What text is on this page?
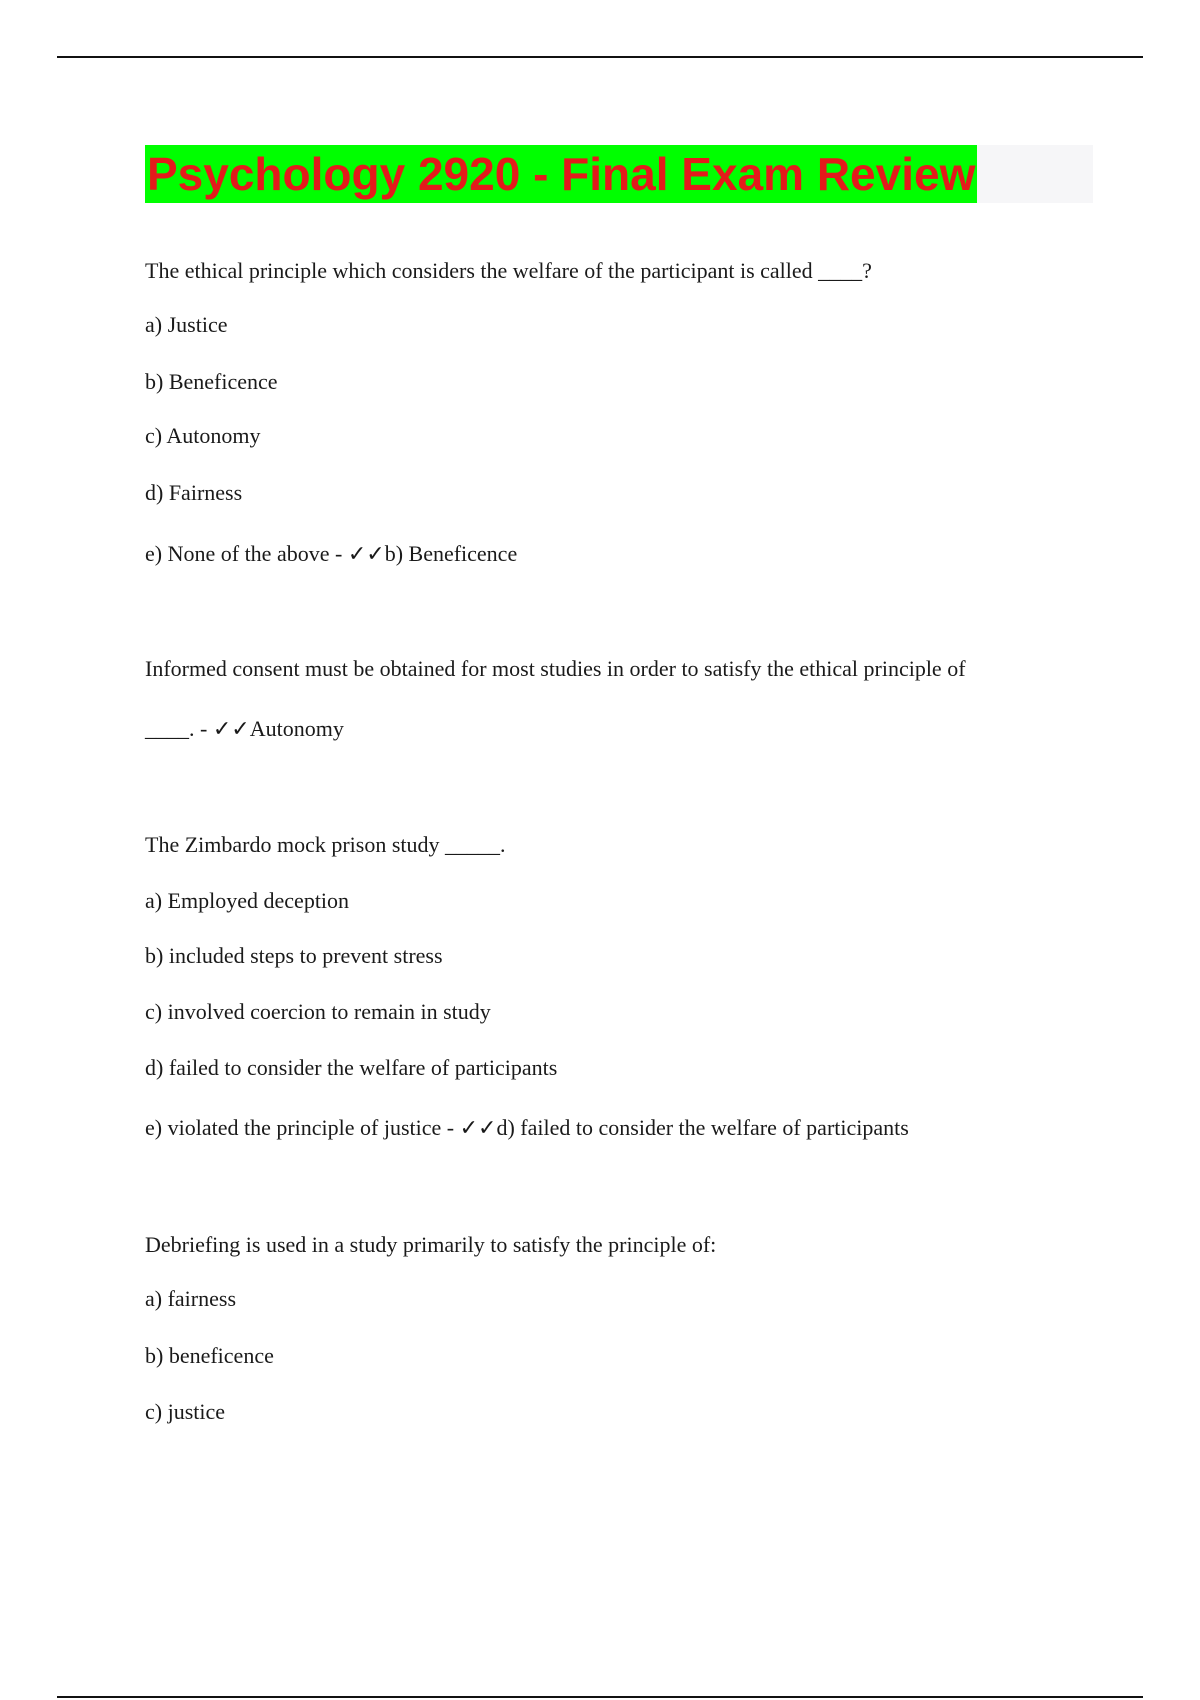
Psychology 2920 - Final Exam Review
The ethical principle which considers the welfare of the participant is called ____?
a) Justice
b) Beneficence
c) Autonomy
d) Fairness
e) None of the above - ✓✓b) Beneficence
Informed consent must be obtained for most studies in order to satisfy the ethical principle of
____. - ✓✓Autonomy
The Zimbardo mock prison study _____.
a) Employed deception
b) included steps to prevent stress
c) involved coercion to remain in study
d) failed to consider the welfare of participants
e) violated the principle of justice - ✓✓d) failed to consider the welfare of participants
Debriefing is used in a study primarily to satisfy the principle of:
a) fairness
b) beneficence
c) justice
